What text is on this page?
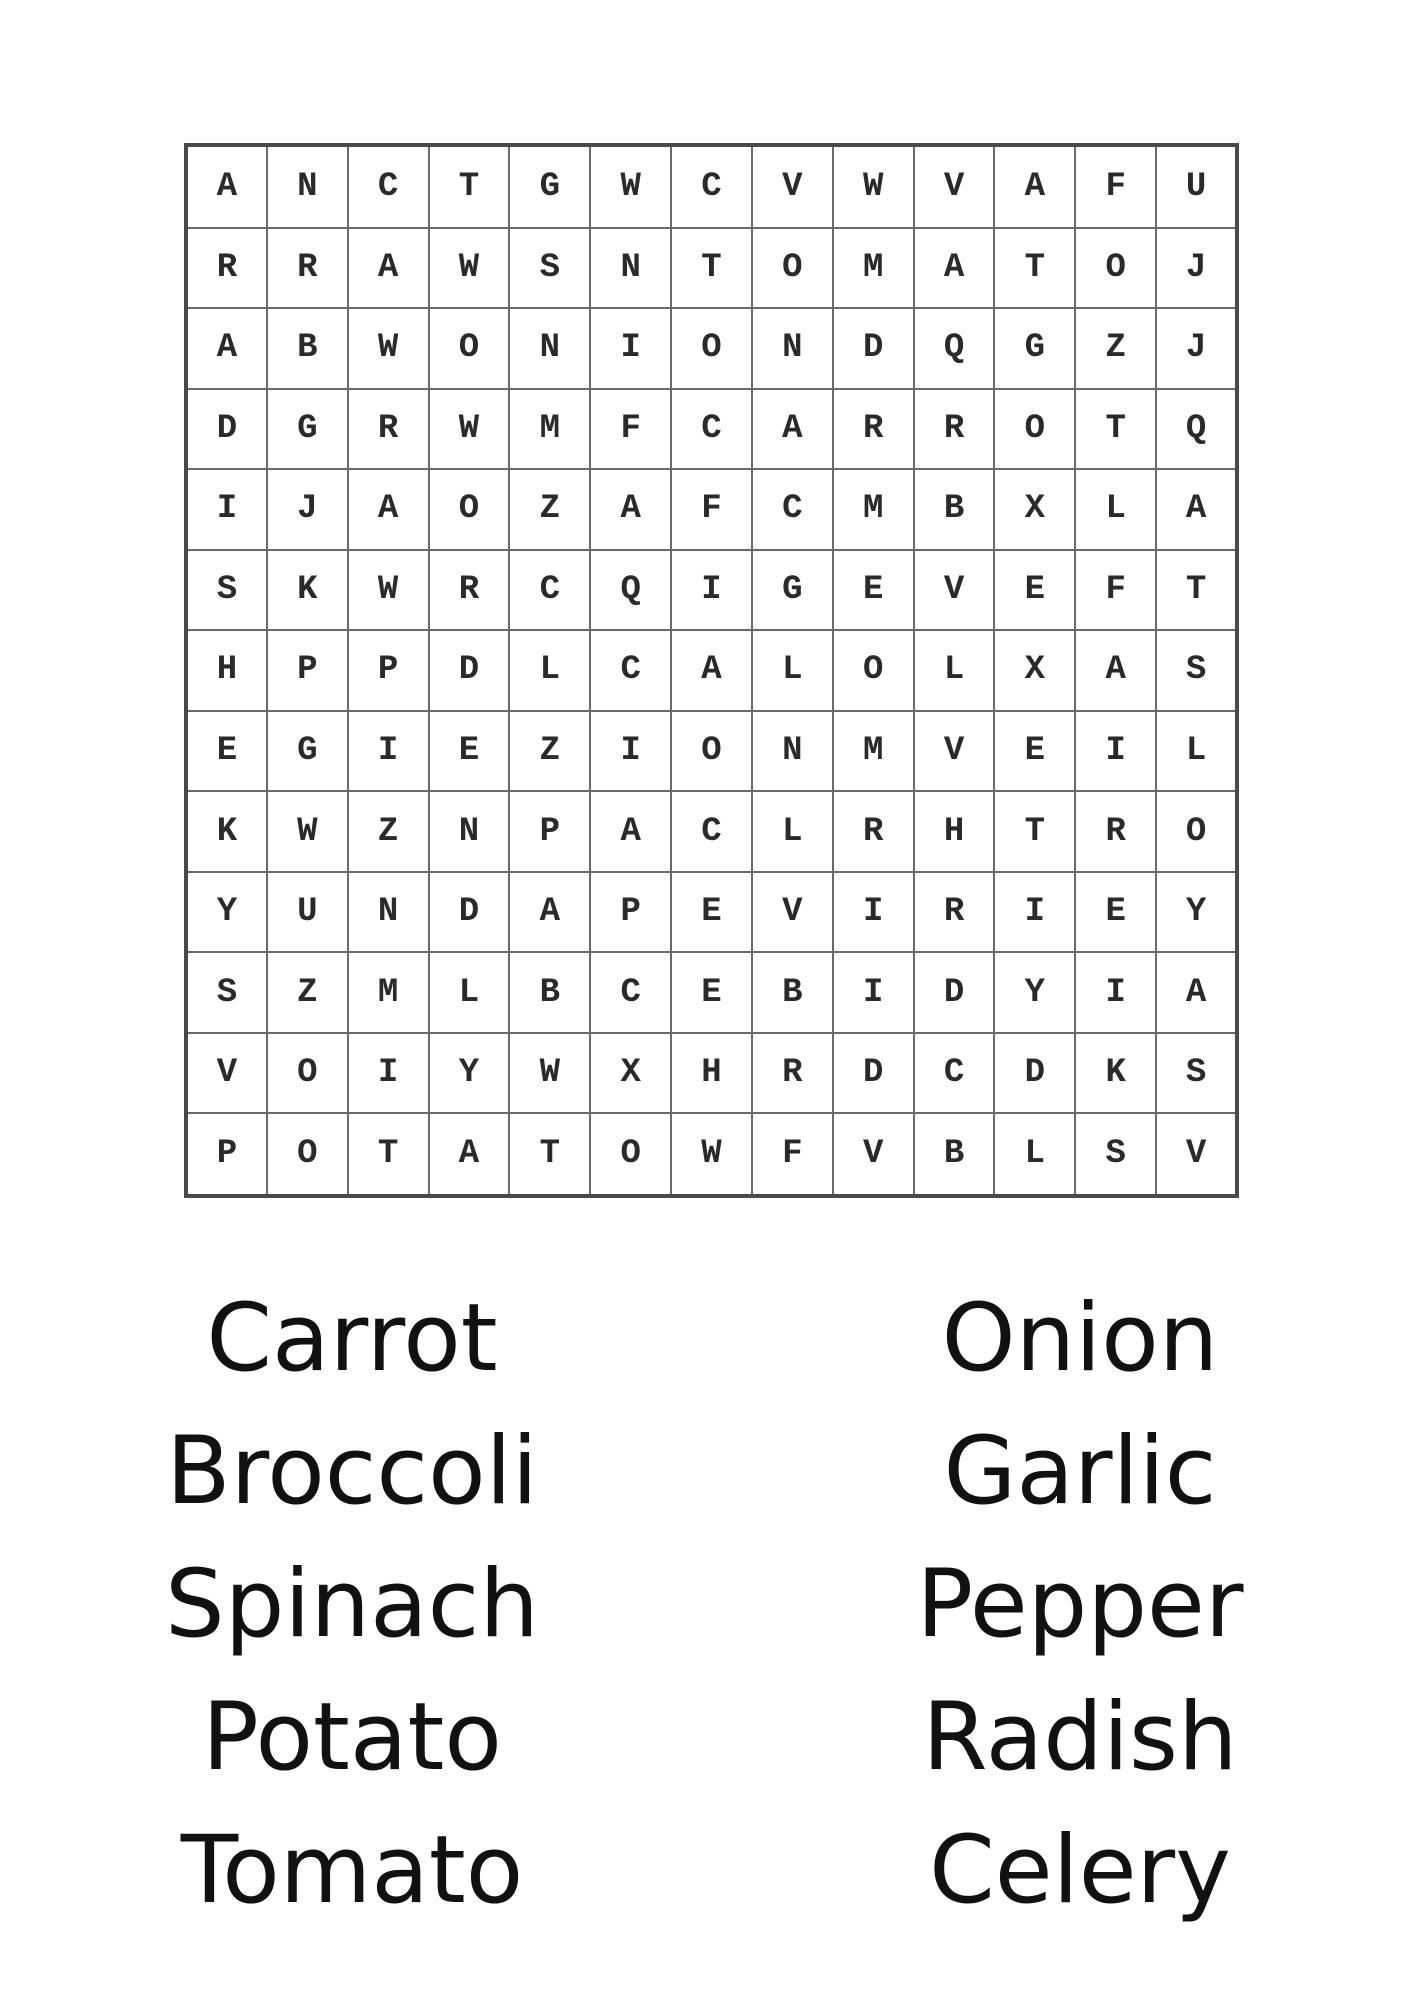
A	N	C	T	G	W	C	V	W	V	A	F	U
R	R	A	W	S	N	T	O	M	A	T	O	J
A	B	W	O	N	I	O	N	D	Q	G	Z	J
D	G	R	W	M	F	C	A	R	R	O	T	Q
I	J	A	O	Z	A	F	C	M	B	X	L	A
S	K	W	R	C	Q	I	G	E	V	E	F	T
H	P	P	D	L	C	A	L	O	L	X	A	S
E	G	I	E	Z	I	O	N	M	V	E	I	L
K	W	Z	N	P	A	C	L	R	H	T	R	O
Y	U	N	D	A	P	E	V	I	R	I	E	Y
S	Z	M	L	B	C	E	B	I	D	Y	I	A
V	O	I	Y	W	X	H	R	D	C	D	K	S
P	O	T	A	T	O	W	F	V	B	L	S	V
Carrot
Broccoli
Spinach
Potato
Tomato
Onion
Garlic
Pepper
Radish
Celery
